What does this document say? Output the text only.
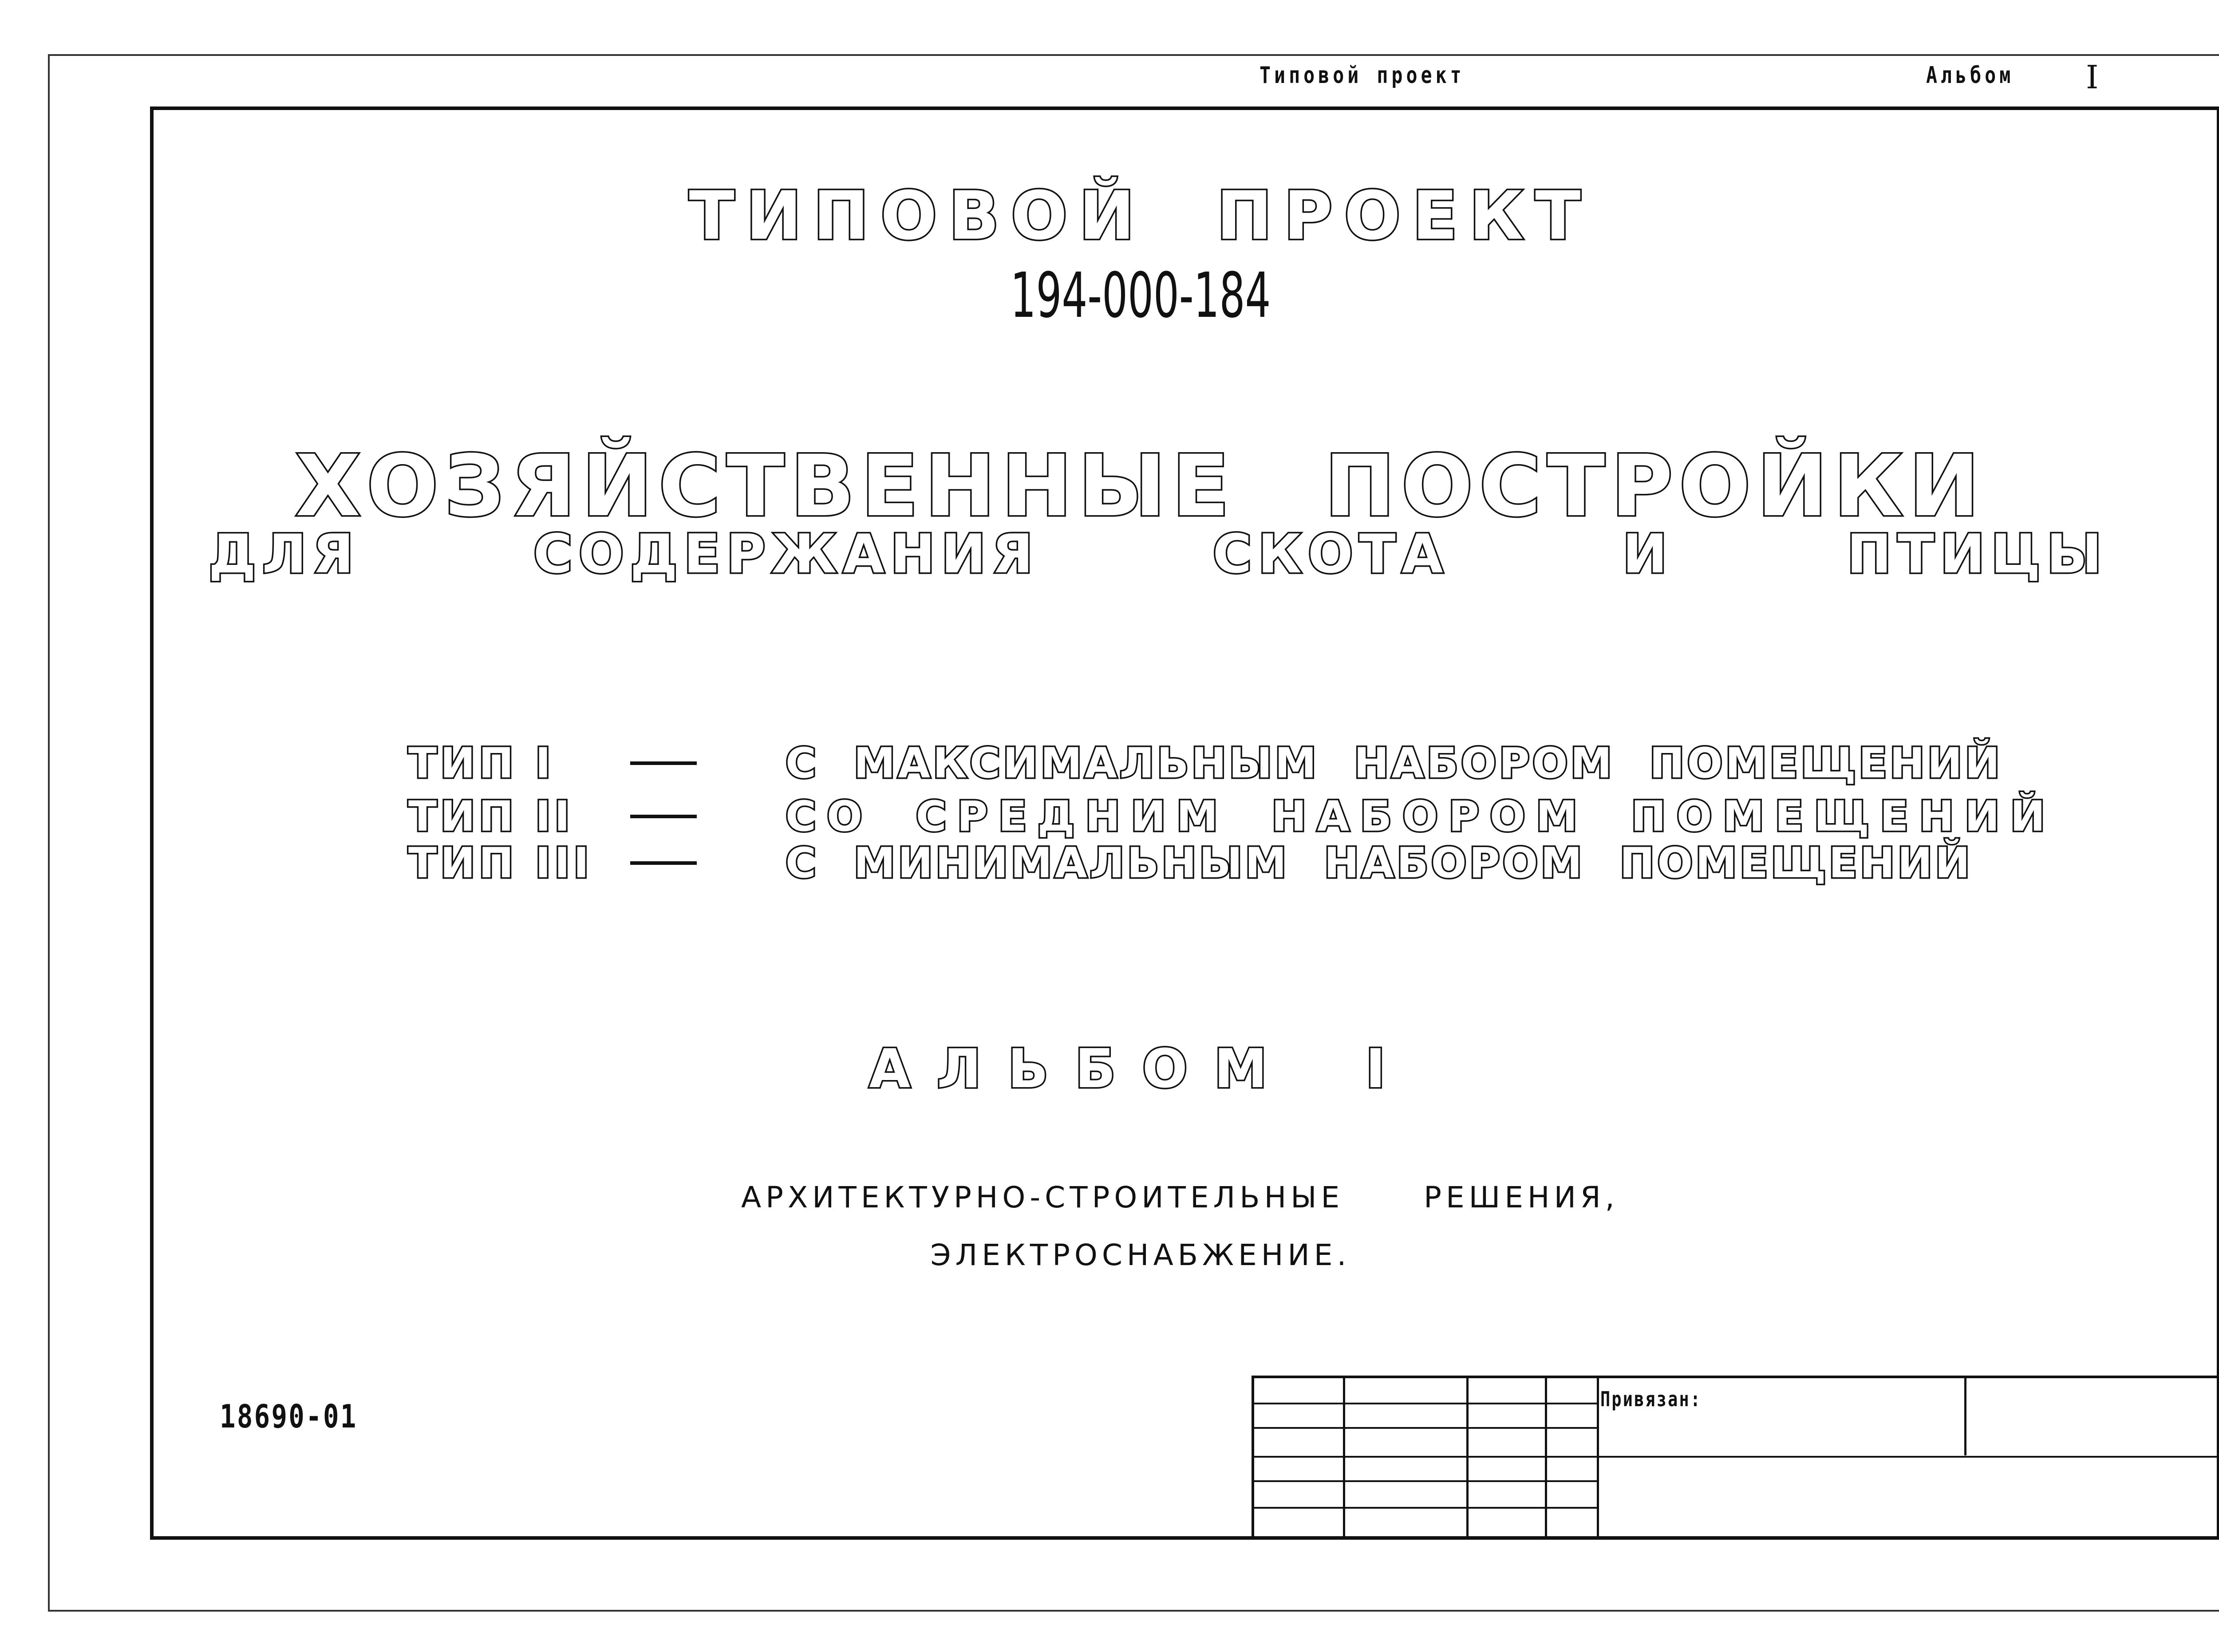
Типовой проект	Альбом I
ТИПОВОЙ ПРОЕКТ
194-000-184
ХОЗЯЙСТВЕННЫЕ ПОСТРОЙКИ
ДЛЯ	СОДЕРЖАНИЯ	СКОТА	И	ПТИЦЫ
ТИП I	С МАКСИМАЛЬНЫМ НАБОРОМ ПОМЕЩЕНИЙ
ТИП II	СО СРЕДНИМ НАБОРОМ ПОМЕЩЕНИЙ
ТИП III	С МИНИМАЛЬНЫМ НАБОРОМ ПОМЕЩЕНИЙ
АЛЬБОМ I
АРХИТЕКТУРНО-СТРОИТЕЛЬНЫЕ	РЕШЕНИЯ,
ЭЛЕКТРОСНАБЖЕНИЕ.
18690-01	Привязан:
